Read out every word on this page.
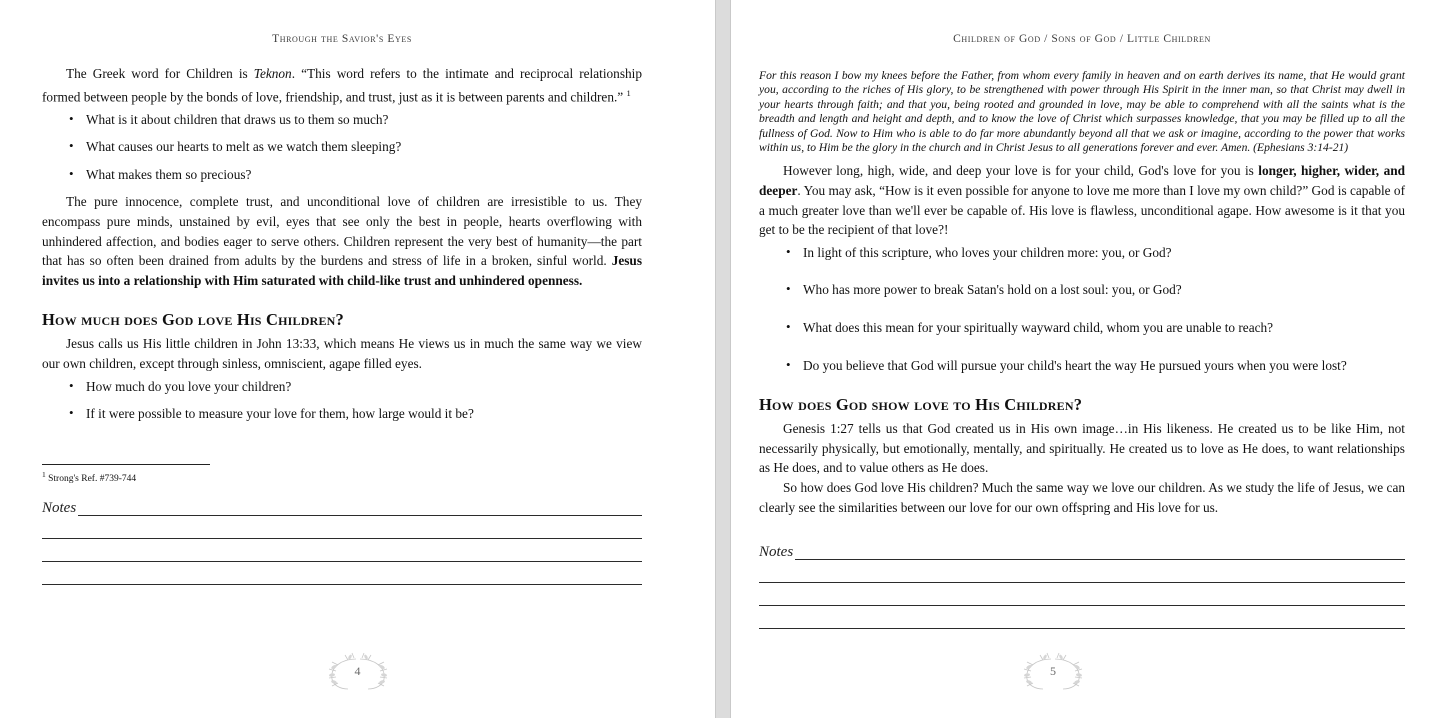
Through the Savior's Eyes

The Greek word for Children is Teknon. “This word refers to the intimate and reciprocal relationship formed between people by the bonds of love, friendship, and trust, just as it is between parents and children.” $^1$

• What is it about children that draws us to them so much?
• What causes our hearts to melt as we watch them sleeping?
• What makes them so precious?

The pure innocence, complete trust, and unconditional love of children are irresistible to us. They encompass pure minds, unstained by evil, eyes that see only the best in people, hearts overflowing with unhindered affection, and bodies eager to serve others. Children represent the very best of humanity—the part that has so often been drained from adults by the burdens and stress of life in a broken, sinful world. Jesus invites us into a relationship with Him saturated with child-like trust and unhindered openness.

How much does God love His Children?

Jesus calls us His little children in John 13:33, which means He views us in much the same way we view our own children, except through sinless, omniscient, agape filled eyes.

• How much do you love your children?
• If it were possible to measure your love for them, how large would it be?
$^1$ Strong's Ref. #739-744
Notes
4
Children of God / Sons of God / Little Children

For this reason I bow my knees before the Father, from whom every family in heaven and on earth derives its name, that He would grant you, according to the riches of His glory, to be strengthened with power through His Spirit in the inner man, so that Christ may dwell in your hearts through faith; and that you, being rooted and grounded in love, may be able to comprehend with all the saints what is the breadth and length and height and depth, and to know the love of Christ which surpasses knowledge, that you may be filled up to all the fullness of God. Now to Him who is able to do far more abundantly beyond all that we ask or imagine, according to the power that works within us, to Him be the glory in the church and in Christ Jesus to all generations forever and ever. Amen. (Ephesians 3:14-21)

However long, high, wide, and deep your love is for your child, God's love for you is longer, higher, wider, and deeper. You may ask, “How is it even possible for anyone to love me more than I love my own child?” God is capable of a much greater love than we'll ever be capable of. His love is flawless, unconditional agape. How awesome is it that you get to be the recipient of that love?!

• In light of this scripture, who loves your children more: you, or God?
• Who has more power to break Satan's hold on a lost soul: you, or God?
• What does this mean for your spiritually wayward child, whom you are unable to reach?
• Do you believe that God will pursue your child's heart the way He pursued yours when you were lost?
How does God show love to His Children?

Genesis 1:27 tells us that God created us in His own image…in His likeness. He created us to be like Him, not necessarily physically, but emotionally, mentally, and spiritually. He created us to love as He does, to want relationships as He does, and to value others as He does.

So how does God love His children? Much the same way we love our children. As we study the life of Jesus, we can clearly see the similarities between our love for our own offspring and His love for us.

Notes
5
